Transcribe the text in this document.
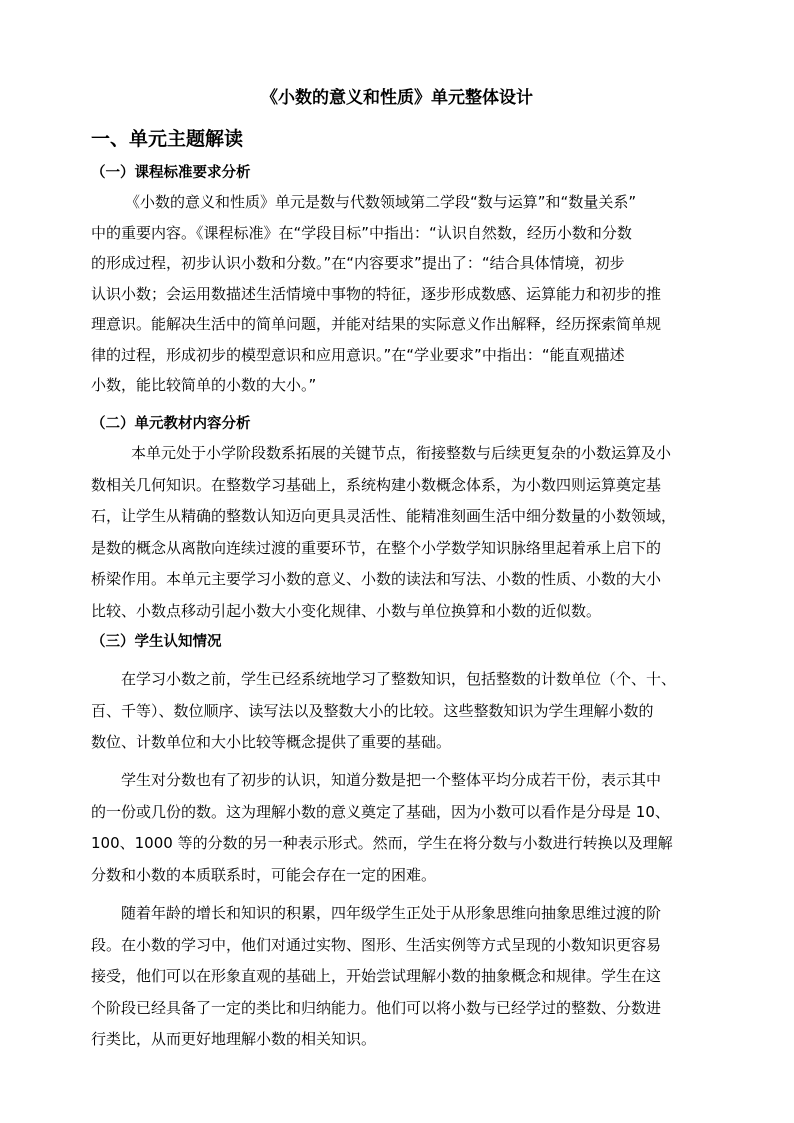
《小数的意义和性质》单元整体设计
一、单元主题解读
（一）课程标准要求分析
《小数的意义和性质》单元是数与代数领域第二学段“数与运算”和“数量关系”
中的重要内容。《课程标准》在“学段目标”中指出：“认识自然数，经历小数和分数
的形成过程，初步认识小数和分数。”在“内容要求”提出了：“结合具体情境，初步
认识小数；会运用数描述生活情境中事物的特征，逐步形成数感、运算能力和初步的推
理意识。能解决生活中的简单问题，并能对结果的实际意义作出解释，经历探索简单规
律的过程，形成初步的模型意识和应用意识。”在“学业要求”中指出：“能直观描述
小数，能比较简单的小数的大小。”
（二）单元教材内容分析
本单元处于小学阶段数系拓展的关键节点，衔接整数与后续更复杂的小数运算及小
数相关几何知识。在整数学习基础上，系统构建小数概念体系，为小数四则运算奠定基
石，让学生从精确的整数认知迈向更具灵活性、能精准刻画生活中细分数量的小数领域，
是数的概念从离散向连续过渡的重要环节，在整个小学数学知识脉络里起着承上启下的
桥梁作用。本单元主要学习小数的意义、小数的读法和写法、小数的性质、小数的大小
比较、小数点移动引起小数大小变化规律、小数与单位换算和小数的近似数。
（三）学生认知情况
在学习小数之前，学生已经系统地学习了整数知识，包括整数的计数单位（个、十、
百、千等）、数位顺序、读写法以及整数大小的比较。这些整数知识为学生理解小数的
数位、计数单位和大小比较等概念提供了重要的基础。
学生对分数也有了初步的认识，知道分数是把一个整体平均分成若干份，表示其中
的一份或几份的数。这为理解小数的意义奠定了基础，因为小数可以看作是分母是 10、
100、1000 等的分数的另一种表示形式。然而，学生在将分数与小数进行转换以及理解
分数和小数的本质联系时，可能会存在一定的困难。
随着年龄的增长和知识的积累，四年级学生正处于从形象思维向抽象思维过渡的阶
段。在小数的学习中，他们对通过实物、图形、生活实例等方式呈现的小数知识更容易
接受，他们可以在形象直观的基础上，开始尝试理解小数的抽象概念和规律。学生在这
个阶段已经具备了一定的类比和归纳能力。他们可以将小数与已经学过的整数、分数进
行类比，从而更好地理解小数的相关知识。
